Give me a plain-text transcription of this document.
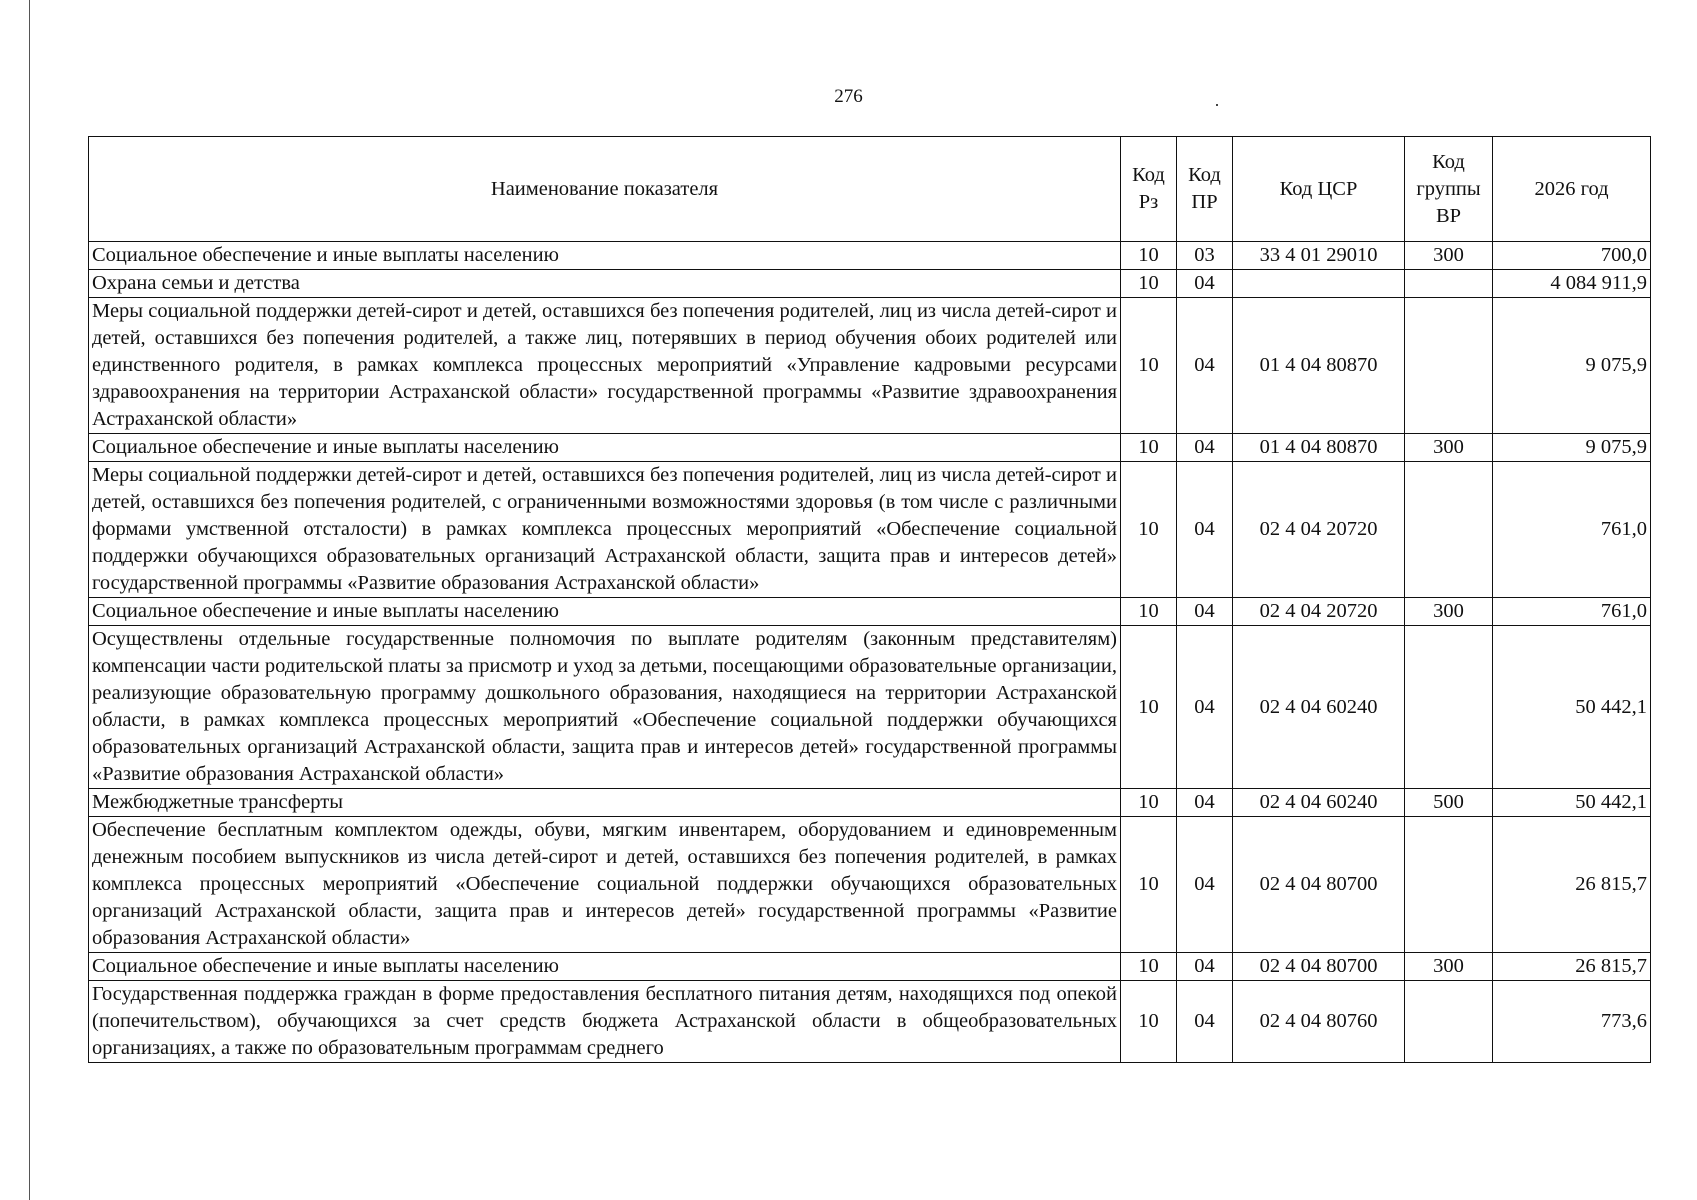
276
Наименование показателя	Код Рз	Код ПР	Код ЦСР	Код группы ВР	2026 год
Социальное обеспечение и иные выплаты населению	10	03	33 4 01 29010	300	700,0
Охрана семьи и детства	10	04			4 084 911,9
Меры социальной поддержки детей-сирот и детей, оставшихся без попечения родителей, лиц из числа детей-сирот и детей, оставшихся без попечения родителей, а также лиц, потерявших в период обучения обоих родителей или единственного родителя, в рамках комплекса процессных мероприятий «Управление кадровыми ресурсами здравоохранения на территории Астраханской области» государственной программы «Развитие здравоохранения Астраханской области»	10	04	01 4 04 80870		9 075,9
Социальное обеспечение и иные выплаты населению	10	04	01 4 04 80870	300	9 075,9
Меры социальной поддержки детей-сирот и детей, оставшихся без попечения родителей, лиц из числа детей-сирот и детей, оставшихся без попечения родителей, с ограниченными возможностями здоровья (в том числе с различными формами умственной отсталости) в рамках комплекса процессных мероприятий «Обеспечение социальной поддержки обучающихся образовательных организаций Астраханской области, защита прав и интересов детей» государственной программы «Развитие образования Астраханской области»	10	04	02 4 04 20720		761,0
Социальное обеспечение и иные выплаты населению	10	04	02 4 04 20720	300	761,0
Осуществлены отдельные государственные полномочия по выплате родителям (законным представителям) компенсации части родительской платы за присмотр и уход за детьми, посещающими образовательные организации, реализующие образовательную программу дошкольного образования, находящиеся на территории Астраханской области, в рамках комплекса процессных мероприятий «Обеспечение социальной поддержки обучающихся образовательных организаций Астраханской области, защита прав и интересов детей» государственной программы «Развитие образования Астраханской области»	10	04	02 4 04 60240		50 442,1
Межбюджетные трансферты	10	04	02 4 04 60240	500	50 442,1
Обеспечение бесплатным комплектом одежды, обуви, мягким инвентарем, оборудованием и единовременным денежным пособием выпускников из числа детей-сирот и детей, оставшихся без попечения родителей, в рамках комплекса процессных мероприятий «Обеспечение социальной поддержки обучающихся образовательных организаций Астраханской области, защита прав и интересов детей» государственной программы «Развитие образования Астраханской области»	10	04	02 4 04 80700		26 815,7
Социальное обеспечение и иные выплаты населению	10	04	02 4 04 80700	300	26 815,7
Государственная поддержка граждан в форме предоставления бесплатного питания детям, находящихся под опекой (попечительством), обучающихся за счет средств бюджета Астраханской области в общеобразовательных организациях, а также по образовательным программам среднего	10	04	02 4 04 80760		773,6
